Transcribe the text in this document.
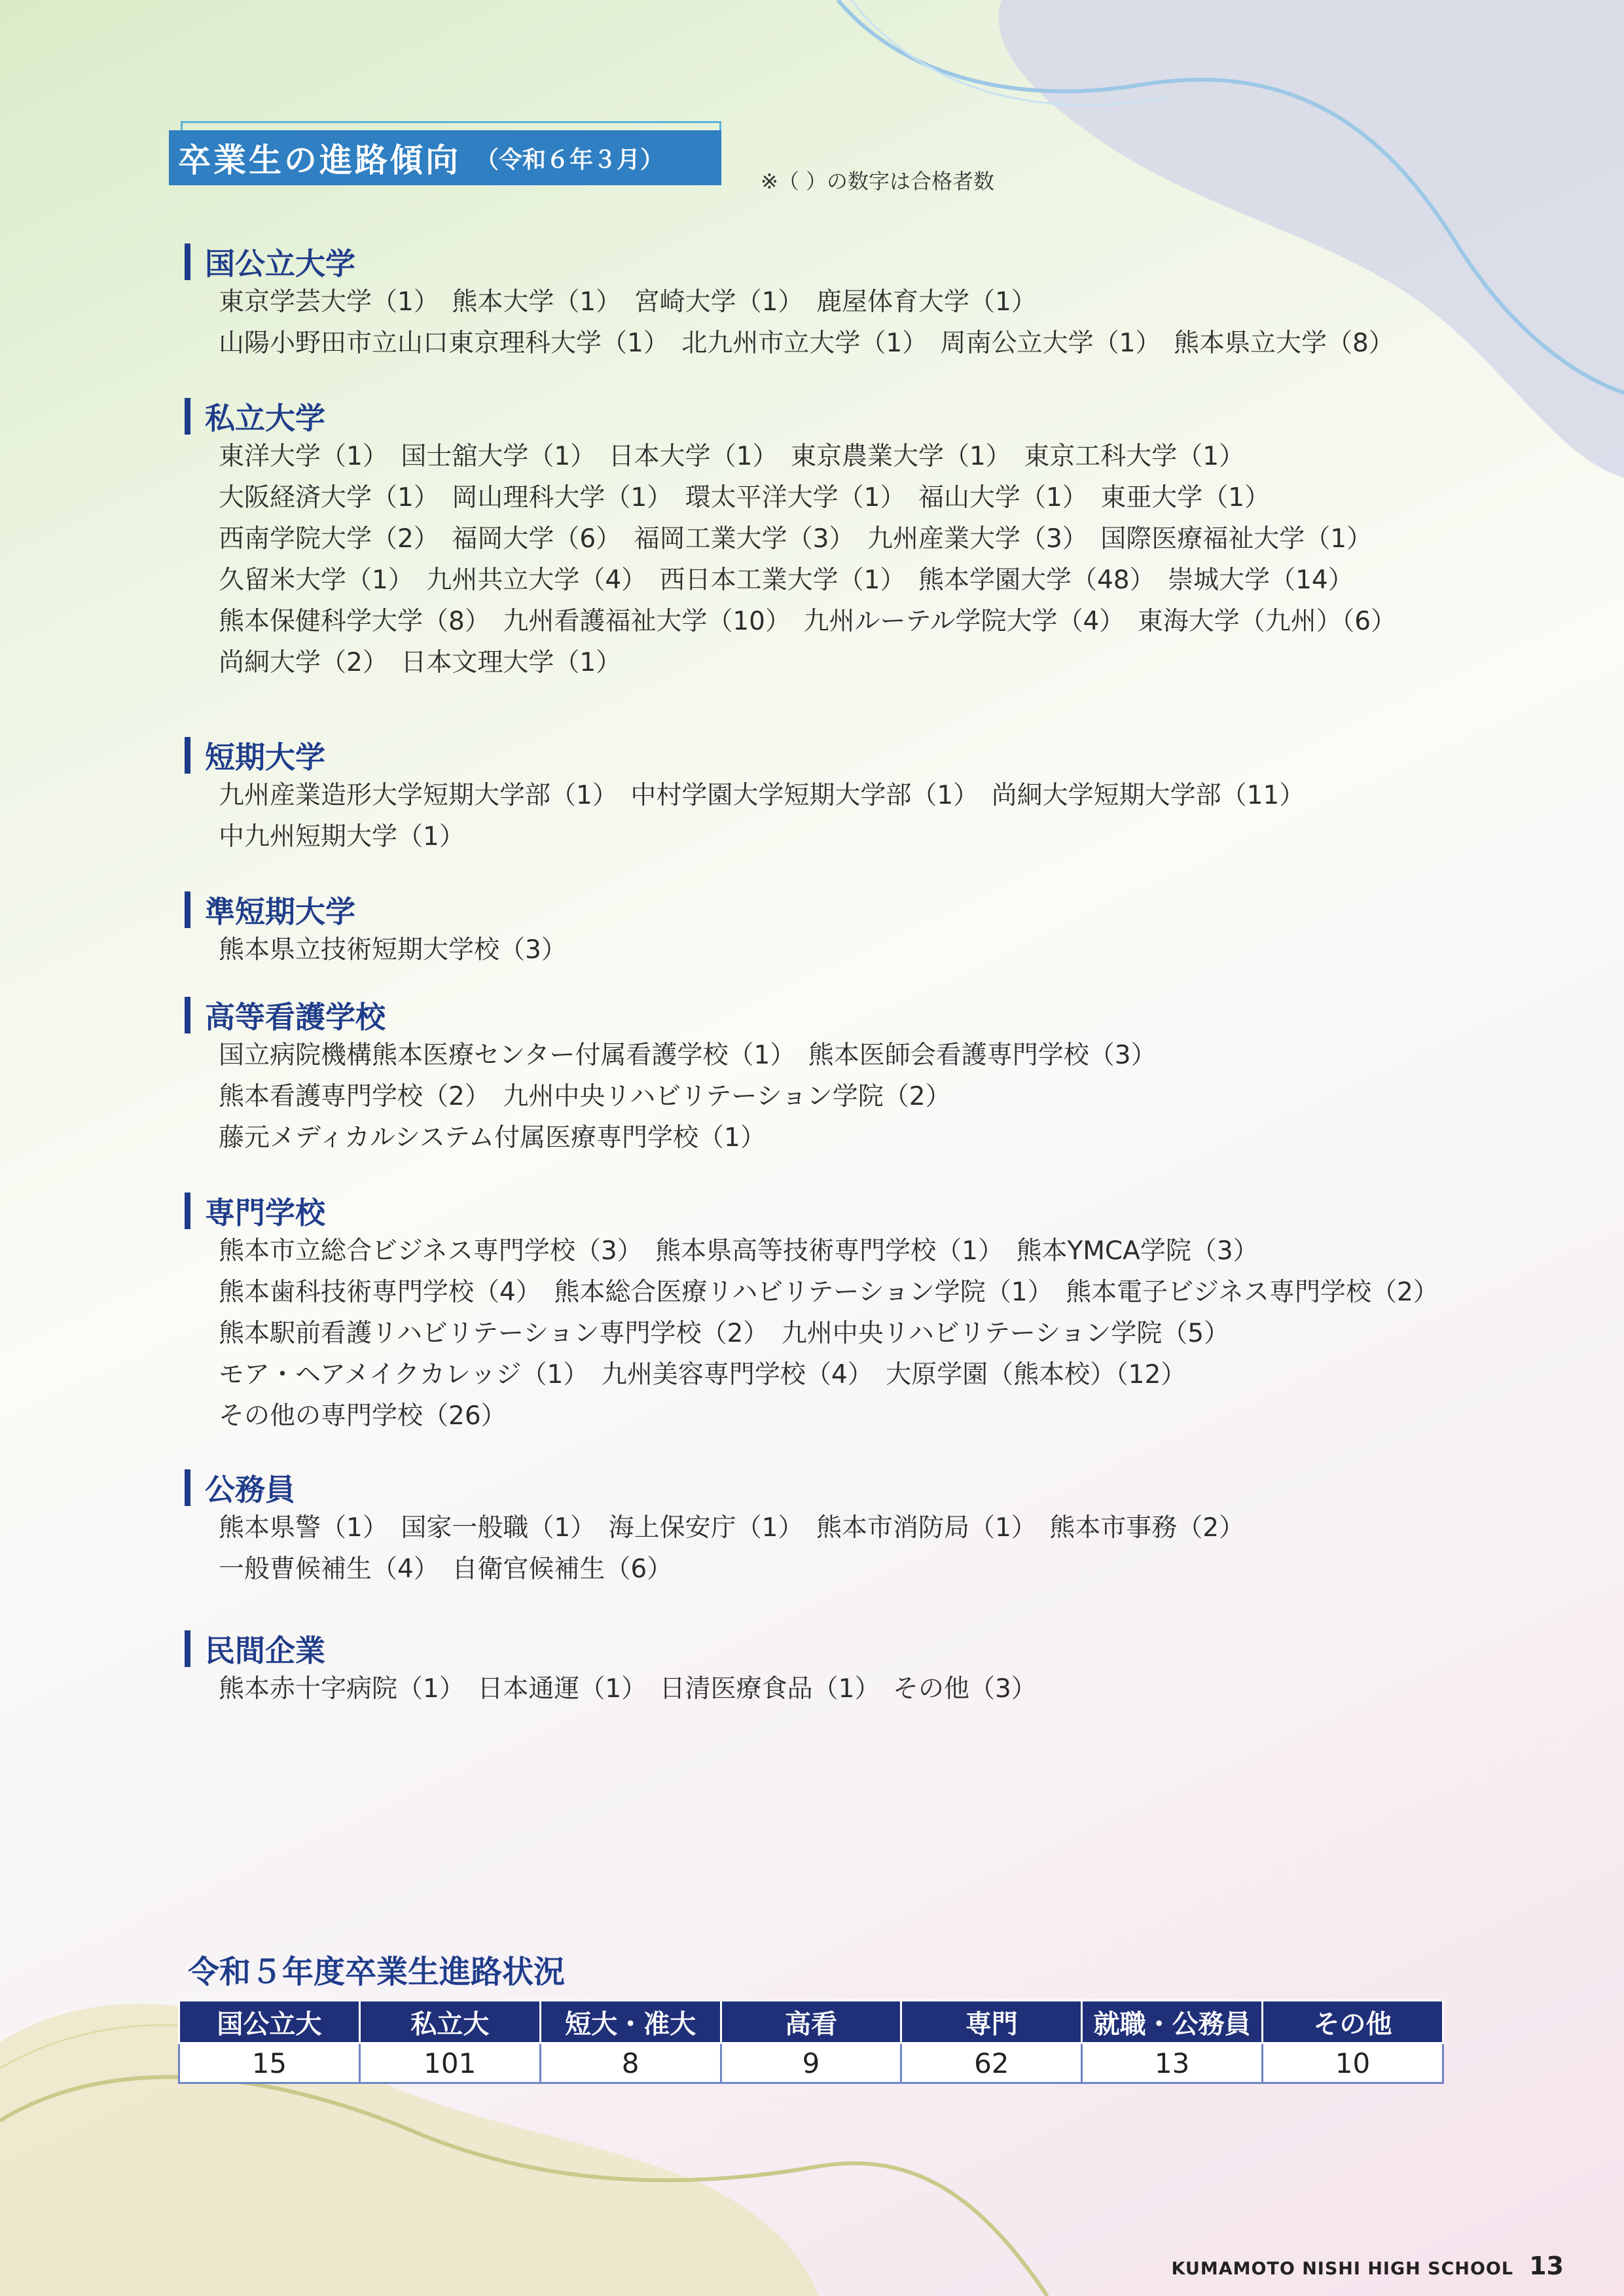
卒業生の進路傾向 （令和６年３月）
※（ ）の数字は合格者数
国公立大学
東京学芸大学（1）　熊本大学（1）　宮崎大学（1）　鹿屋体育大学（1）
山陽小野田市立山口東京理科大学（1）　北九州市立大学（1）　周南公立大学（1）　熊本県立大学（8）
私立大学
東洋大学（1）　国士舘大学（1）　日本大学（1）　東京農業大学（1）　東京工科大学（1）
大阪経済大学（1）　岡山理科大学（1）　環太平洋大学（1）　福山大学（1）　東亜大学（1）
西南学院大学（2）　福岡大学（6）　福岡工業大学（3）　九州産業大学（3）　国際医療福祉大学（1）
久留米大学（1）　九州共立大学（4）　西日本工業大学（1）　熊本学園大学（48）　崇城大学（14）
熊本保健科学大学（8）　九州看護福祉大学（10）　九州ルーテル学院大学（4）　東海大学（九州）（6）
尚絅大学（2）　日本文理大学（1）
短期大学
九州産業造形大学短期大学部（1）　中村学園大学短期大学部（1）　尚絅大学短期大学部（11）
中九州短期大学（1）
準短期大学
熊本県立技術短期大学校（3）
高等看護学校
国立病院機構熊本医療センター付属看護学校（1）　熊本医師会看護専門学校（3）
熊本看護専門学校（2）　九州中央リハビリテーション学院（2）
藤元メディカルシステム付属医療専門学校（1）
専門学校
熊本市立総合ビジネス専門学校（3）　熊本県高等技術専門学校（1）　熊本YMCA学院（3）
熊本歯科技術専門学校（4）　熊本総合医療リハビリテーション学院（1）　熊本電子ビジネス専門学校（2）
熊本駅前看護リハビリテーション専門学校（2）　九州中央リハビリテーション学院（5）
モア・ヘアメイクカレッジ（1）　九州美容専門学校（4）　大原学園（熊本校）（12）
その他の専門学校（26）
公務員
熊本県警（1）　国家一般職（1）　海上保安庁（1）　熊本市消防局（1）　熊本市事務（2）
一般曹候補生（4）　自衛官候補生（6）
民間企業
熊本赤十字病院（1）　日本通運（1）　日清医療食品（1）　その他（3）
令和５年度卒業生進路状況
国公立大	私立大	短大・准大	高看	専門	就職・公務員	その他
15	101	8	9	62	13	10
KUMAMOTO NISHI HIGH SCHOOL 13
